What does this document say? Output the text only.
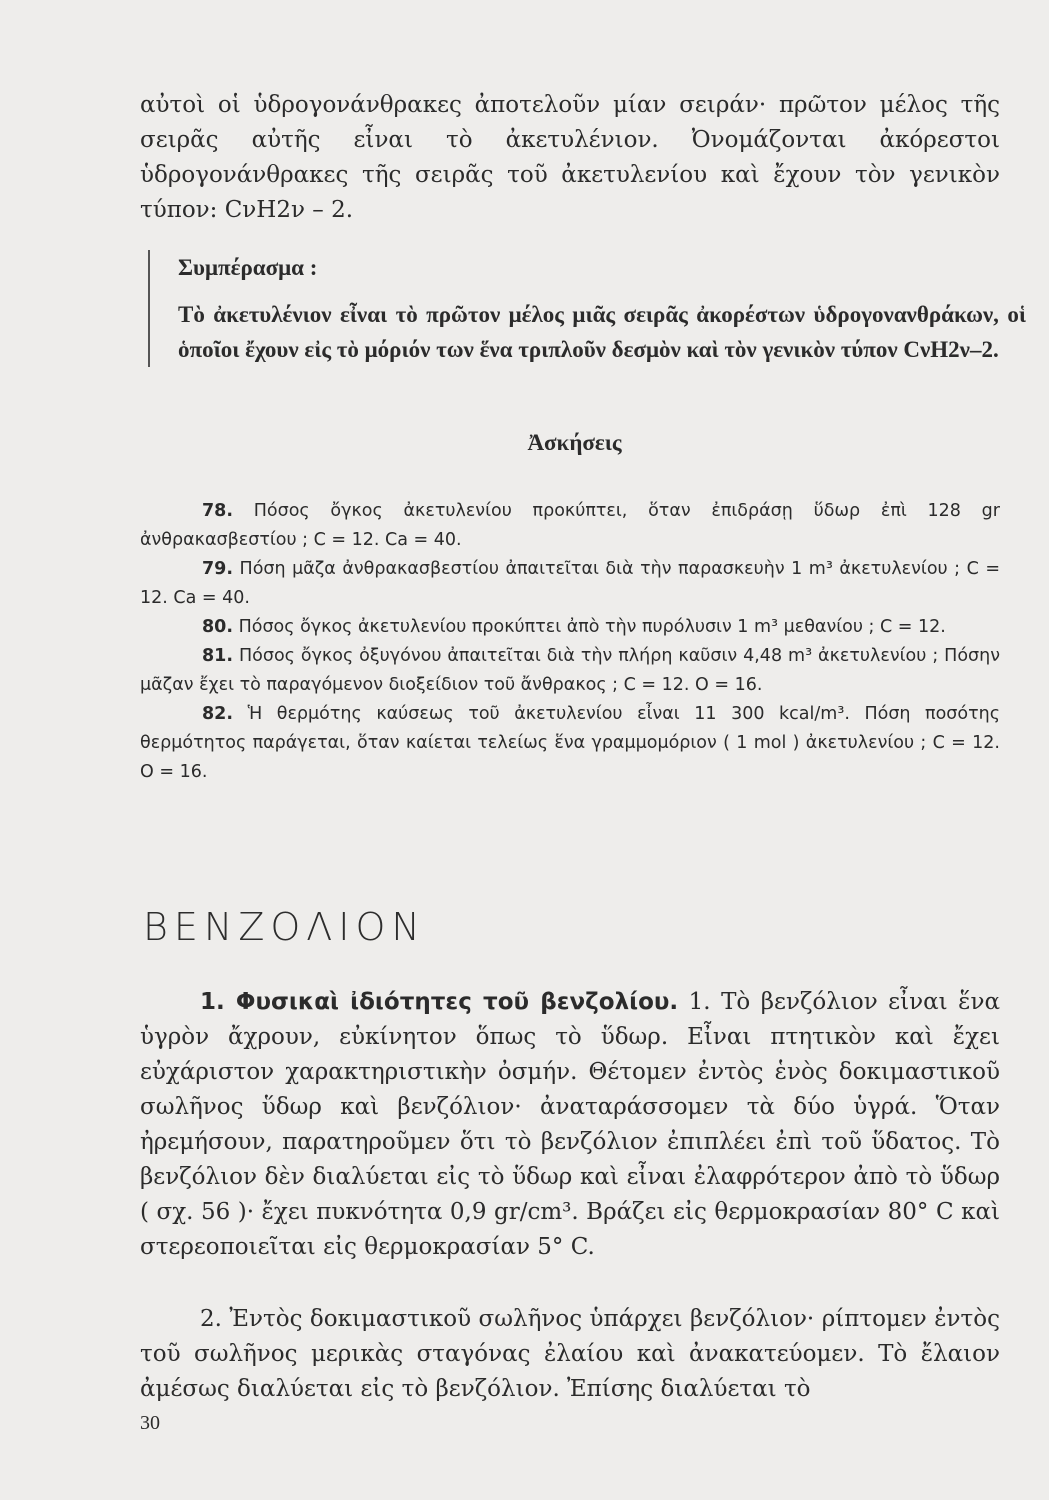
αὐτοὶ οἱ ὑδρογονάνθρακες ἀποτελοῦν μίαν σειράν· πρῶτον μέλος τῆς σειρᾶς αὐτῆς εἶναι τὸ ἀκετυλένιον. Ὀνομάζονται ἀκόρεστοι ὑδρογονάνθρακες τῆς σειρᾶς τοῦ ἀκετυλενίου καὶ ἔχουν τὸν γενικὸν τύπον: CνH2ν – 2.

Συμπέρασμα :

Τὸ ἀκετυλένιον εἶναι τὸ πρῶτον μέλος μιᾶς σειρᾶς ἀκορέστων ὑδρογονανθράκων, οἱ ὁποῖοι ἔχουν εἰς τὸ μόριόν των ἕνα τριπλοῦν δεσμὸν καὶ τὸν γενικὸν τύπον CνH2ν–2.

Ἀσκήσεις

78. Πόσος ὄγκος ἀκετυλενίου προκύπτει, ὅταν ἐπιδράσῃ ὕδωρ ἐπὶ 128 gr ἀνθρακασβεστίου ; C = 12. Ca = 40.

79. Πόση μᾶζα ἀνθρακασβεστίου ἀπαιτεῖται διὰ τὴν παρασκευὴν 1 m³ ἀκετυλενίου ; C = 12. Ca = 40.

80. Πόσος ὄγκος ἀκετυλενίου προκύπτει ἀπὸ τὴν πυρόλυσιν 1 m³ μεθανίου ; C = 12.

81. Πόσος ὄγκος ὀξυγόνου ἀπαιτεῖται διὰ τὴν πλήρη καῦσιν 4,48 m³ ἀκετυλενίου ; Πόσην μᾶζαν ἔχει τὸ παραγόμενον διοξείδιον τοῦ ἄνθρακος ; C = 12. O = 16.

82. Ἡ θερμότης καύσεως τοῦ ἀκετυλενίου εἶναι 11 300 kcal/m³. Πόση ποσότης θερμότητος παράγεται, ὅταν καίεται τελείως ἕνα γραμμομόριον ( 1 mol ) ἀκετυλενίου ; C = 12. O = 16.

ΒΕΝΖΟΛΙΟΝ

1. Φυσικαὶ ἰδιότητες τοῦ βενζολίου. 1. Τὸ βενζόλιον εἶναι ἕνα ὑγρὸν ἄχρουν, εὐκίνητον ὅπως τὸ ὕδωρ. Εἶναι πτητικὸν καὶ ἔχει εὐχάριστον χαρακτηριστικὴν ὀσμήν. Θέτομεν ἐντὸς ἑνὸς δοκιμαστικοῦ σωλῆνος ὕδωρ καὶ βενζόλιον· ἀναταράσσομεν τὰ δύο ὑγρά. Ὅταν ἠρεμήσουν, παρατηροῦμεν ὅτι τὸ βενζόλιον ἐπιπλέει ἐπὶ τοῦ ὕδατος. Τὸ βενζόλιον δὲν διαλύεται εἰς τὸ ὕδωρ καὶ εἶναι ἐλαφρότερον ἀπὸ τὸ ὕδωρ ( σχ. 56 )· ἔχει πυκνότητα 0,9 gr/cm³. Βράζει εἰς θερμοκρασίαν 80° C καὶ στερεοποιεῖται εἰς θερμοκρασίαν 5° C.

2. Ἐντὸς δοκιμαστικοῦ σωλῆνος ὑπάρχει βενζόλιον· ρίπτομεν ἐντὸς τοῦ σωλῆνος μερικὰς σταγόνας ἐλαίου καὶ ἀνακατεύομεν. Τὸ ἔλαιον ἀμέσως διαλύεται εἰς τὸ βενζόλιον. Ἐπίσης διαλύεται τὸ

30
